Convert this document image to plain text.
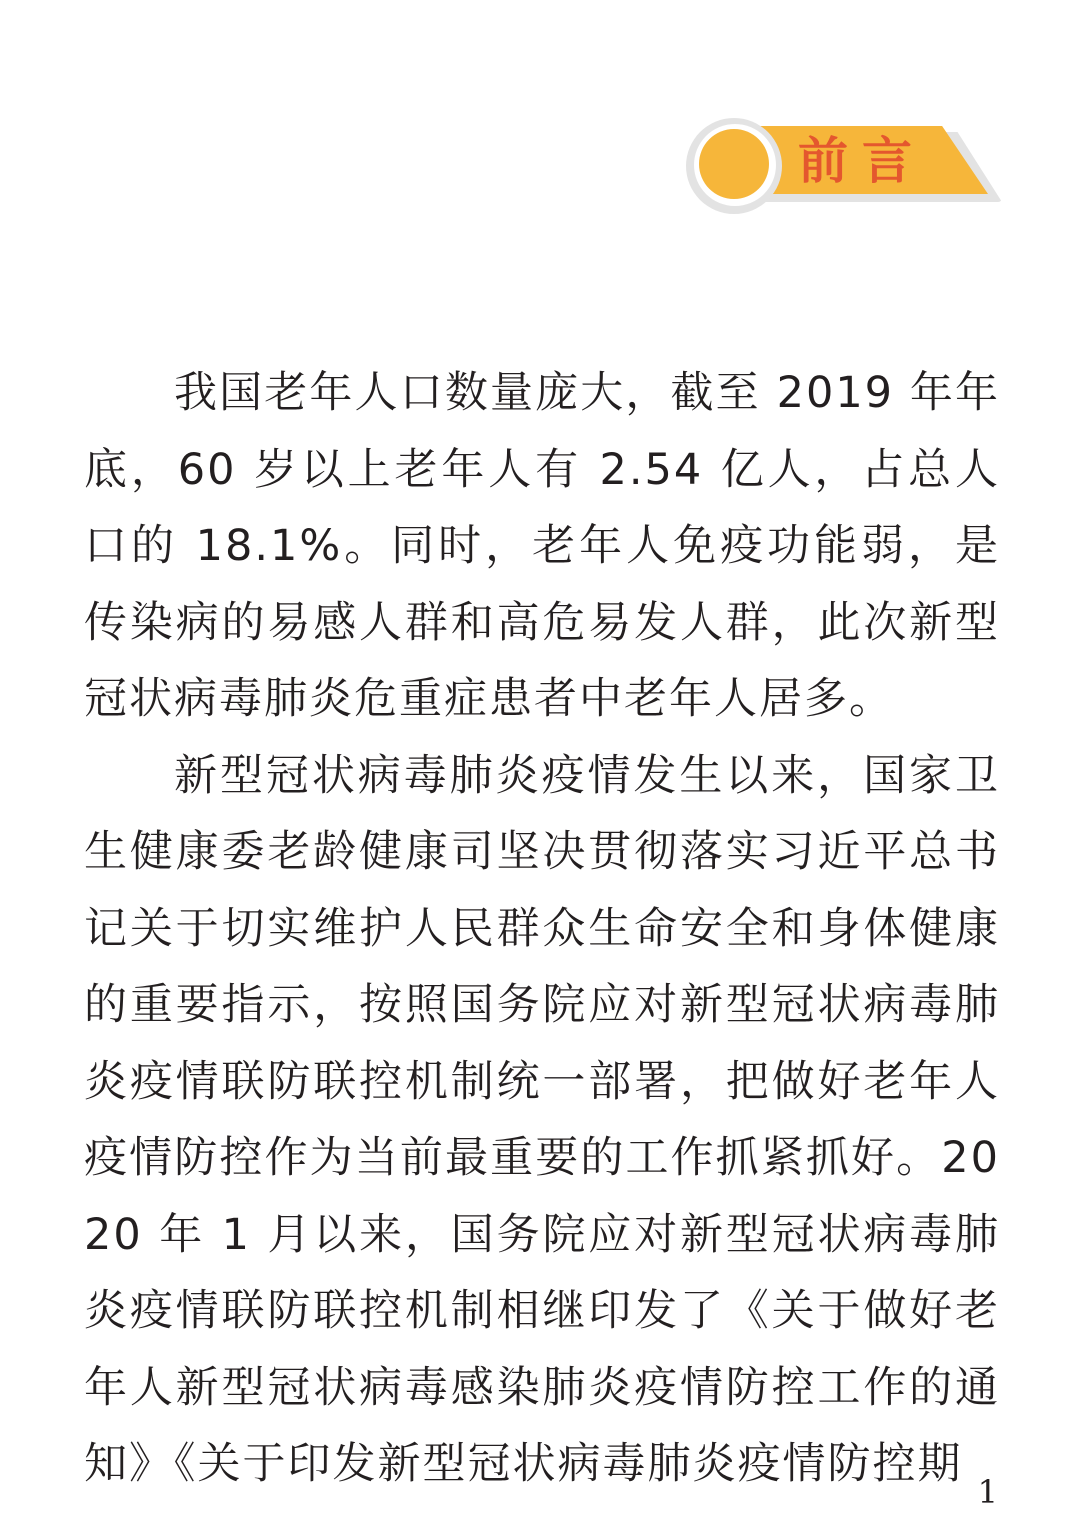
前言

我国老年人口数量庞大，截至 2019 年年底，60 岁以上老年人有 2.54 亿人，占总人口的 18.1%。同时，老年人免疫功能弱，是传染病的易感人群和高危易发人群，此次新型冠状病毒肺炎危重症患者中老年人居多。

新型冠状病毒肺炎疫情发生以来，国家卫生健康委老龄健康司坚决贯彻落实习近平总书记关于切实维护人民群众生命安全和身体健康的重要指示，按照国务院应对新型冠状病毒肺炎疫情联防联控机制统一部署，把做好老年人疫情防控作为当前最重要的工作抓紧抓好。2020 年 1 月以来，国务院应对新型冠状病毒肺炎疫情联防联控机制相继印发了《关于做好老年人新型冠状病毒感染肺炎疫情防控工作的通知》《关于印发新型冠状病毒肺炎疫情防控期

1
